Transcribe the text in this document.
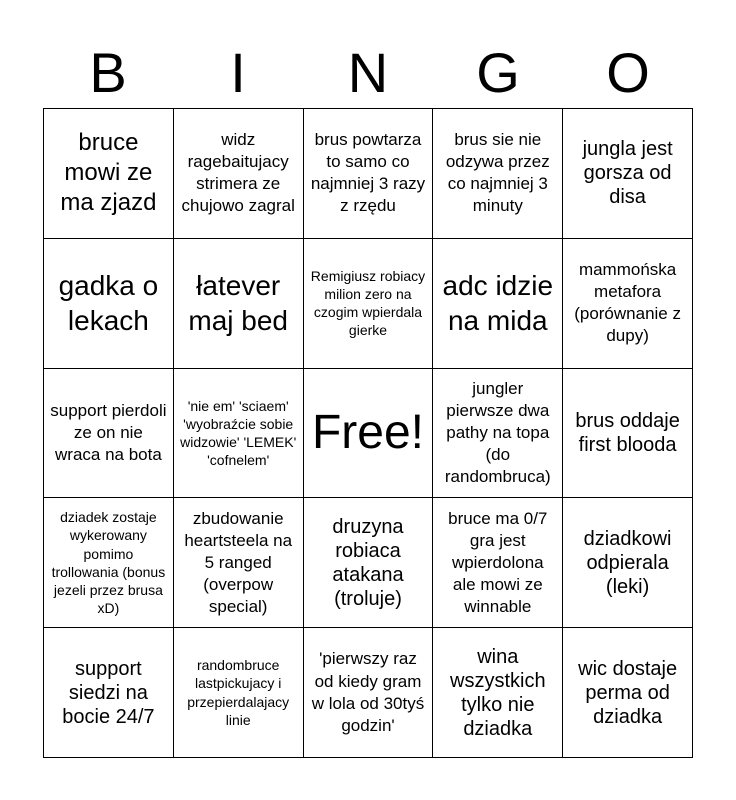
B	I	N	G	O
bruce mowi ze ma zjazd
widz ragebaitujacy strimera ze chujowo zagral
brus powtarza to samo co najmniej 3 razy z rzędu
brus sie nie odzywa przez co najmniej 3 minuty
jungla jest gorsza od disa
gadka o lekach
łatever maj bed
Remigiusz robiacy milion zero na czogim wpierdala gierke
adc idzie na mida
mammońska metafora (porównanie z dupy)
support pierdoli ze on nie wraca na bota
'nie em' 'sciaem' 'wyobraźcie sobie widzowie' 'LEMEK' 'cofnelem'
Free!
jungler pierwsze dwa pathy na topa (do randombruca)
brus oddaje first blooda
dziadek zostaje wykerowany pomimo trollowania (bonus jezeli przez brusa xD)
zbudowanie heartsteela na 5 ranged (overpow special)
druzyna robiaca atakana (troluje)
bruce ma 0/7 gra jest wpierdolona ale mowi ze winnable
dziadkowi odpierala (leki)
support siedzi na bocie 24/7
randombruce lastpickujacy i przepierdalajacy linie
'pierwszy raz od kiedy gram w lola od 30tyś godzin'
wina wszystkich tylko nie dziadka
wic dostaje perma od dziadka
